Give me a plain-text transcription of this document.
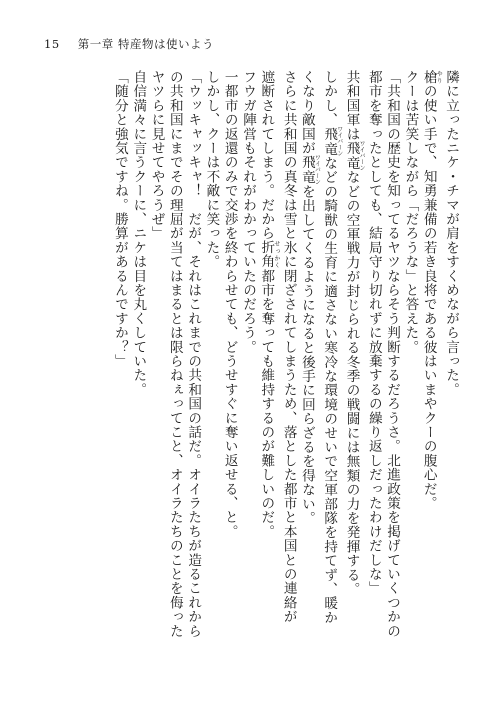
15 第一章 特産物は使いよう
隣に立ったニケ・チマが肩をすくめながら言った。
槍やりの使い手で、知勇兼備の若き良将である彼はいまやクーの腹心だ。
クーは苦笑しながら「だろうな」と答えた。
「共和国の歴史を知ってるヤツならそう判断するだろうさ。北進政策を掲げていくつかの
都市を奪ったとしても、結局守り切れずに放棄するの繰り返しだったわけだしな」
共和国軍は飛竜ワイバーンなどの空軍戦力が封じられる冬季の戦闘には無類の力を発揮する。
しかし、飛竜ワイバーンなどの騎獣の生育に適さない寒冷な環境のせいで空軍部隊を持てず、暖か
くなり敵国が飛竜ワイバーンを出してくるようになると後手に回らざるを得ない。
さらに共和国の真冬は雪と氷に閉ざされてしまうため、落とした都市と本国との連絡が
遮断されてしまう。だから折角せっかく都市を奪っても維持するのが難しいのだ。
フウガ陣営もそれがわかっていたのだろう。
一都市の返還のみで交渉を終わらせても、どうせすぐに奪い返せる、と。
しかし、クーは不敵に笑った。
「ウッキャッキャ！　だが、それはこれまでの共和国の話だ。オイラたちが造るこれから
の共和国にまでその理屈が当てはまるとは限らねぇってこと、オイラたちのことを侮った
ヤツらに見せてやろうぜ」
自信満々に言うクーに、ニケは目を丸くしていた。
「随分と強気ですね。勝算があるんですか？」
